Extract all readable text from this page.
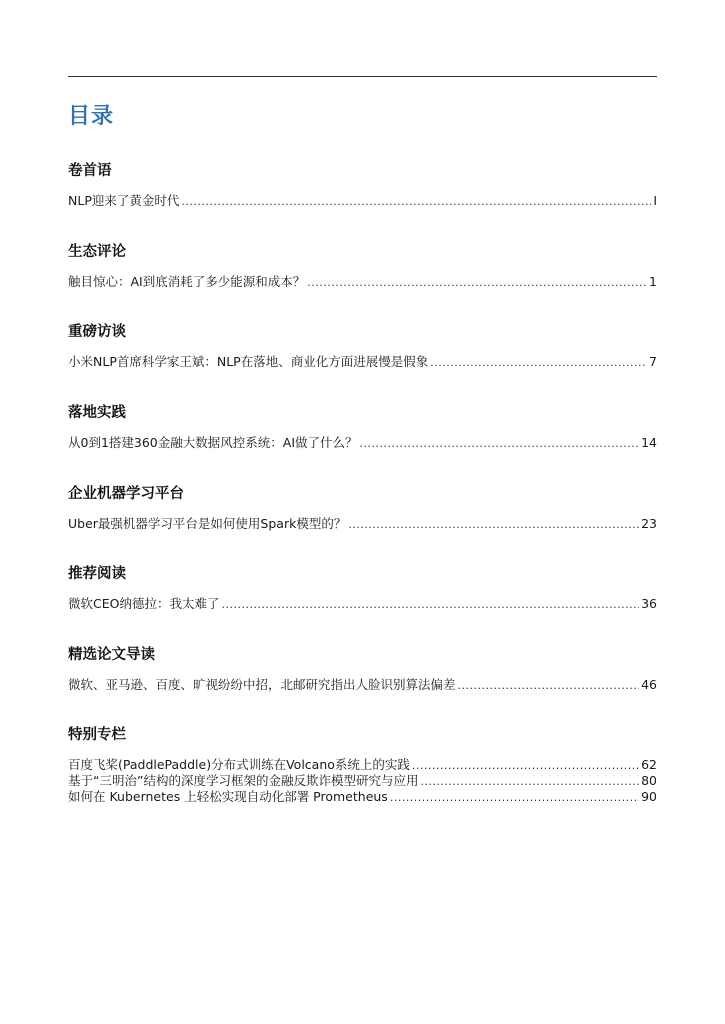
目录
卷首语
NLP迎来了黄金时代 .....	I
生态评论
触目惊心：AI到底消耗了多少能源和成本？ .....	1
重磅访谈
小米NLP首席科学家王斌：NLP在落地、商业化方面进展慢是假象 .....	7
落地实践
从0到1搭建360金融大数据风控系统：AI做了什么？ .....	14
企业机器学习平台
Uber最强机器学习平台是如何使用Spark模型的？ .....	23
推荐阅读
微软CEO纳德拉：我太难了 .....	36
精选论文导读
微软、亚马逊、百度、旷视纷纷中招，北邮研究指出人脸识别算法偏差 .....	46
特别专栏
百度飞桨(PaddlePaddle)分布式训练在Volcano系统上的实践 .....	62
基于“三明治”结构的深度学习框架的金融反欺诈模型研究与应用 .....	80
如何在 Kubernetes 上轻松实现自动化部署 Prometheus .....	90
